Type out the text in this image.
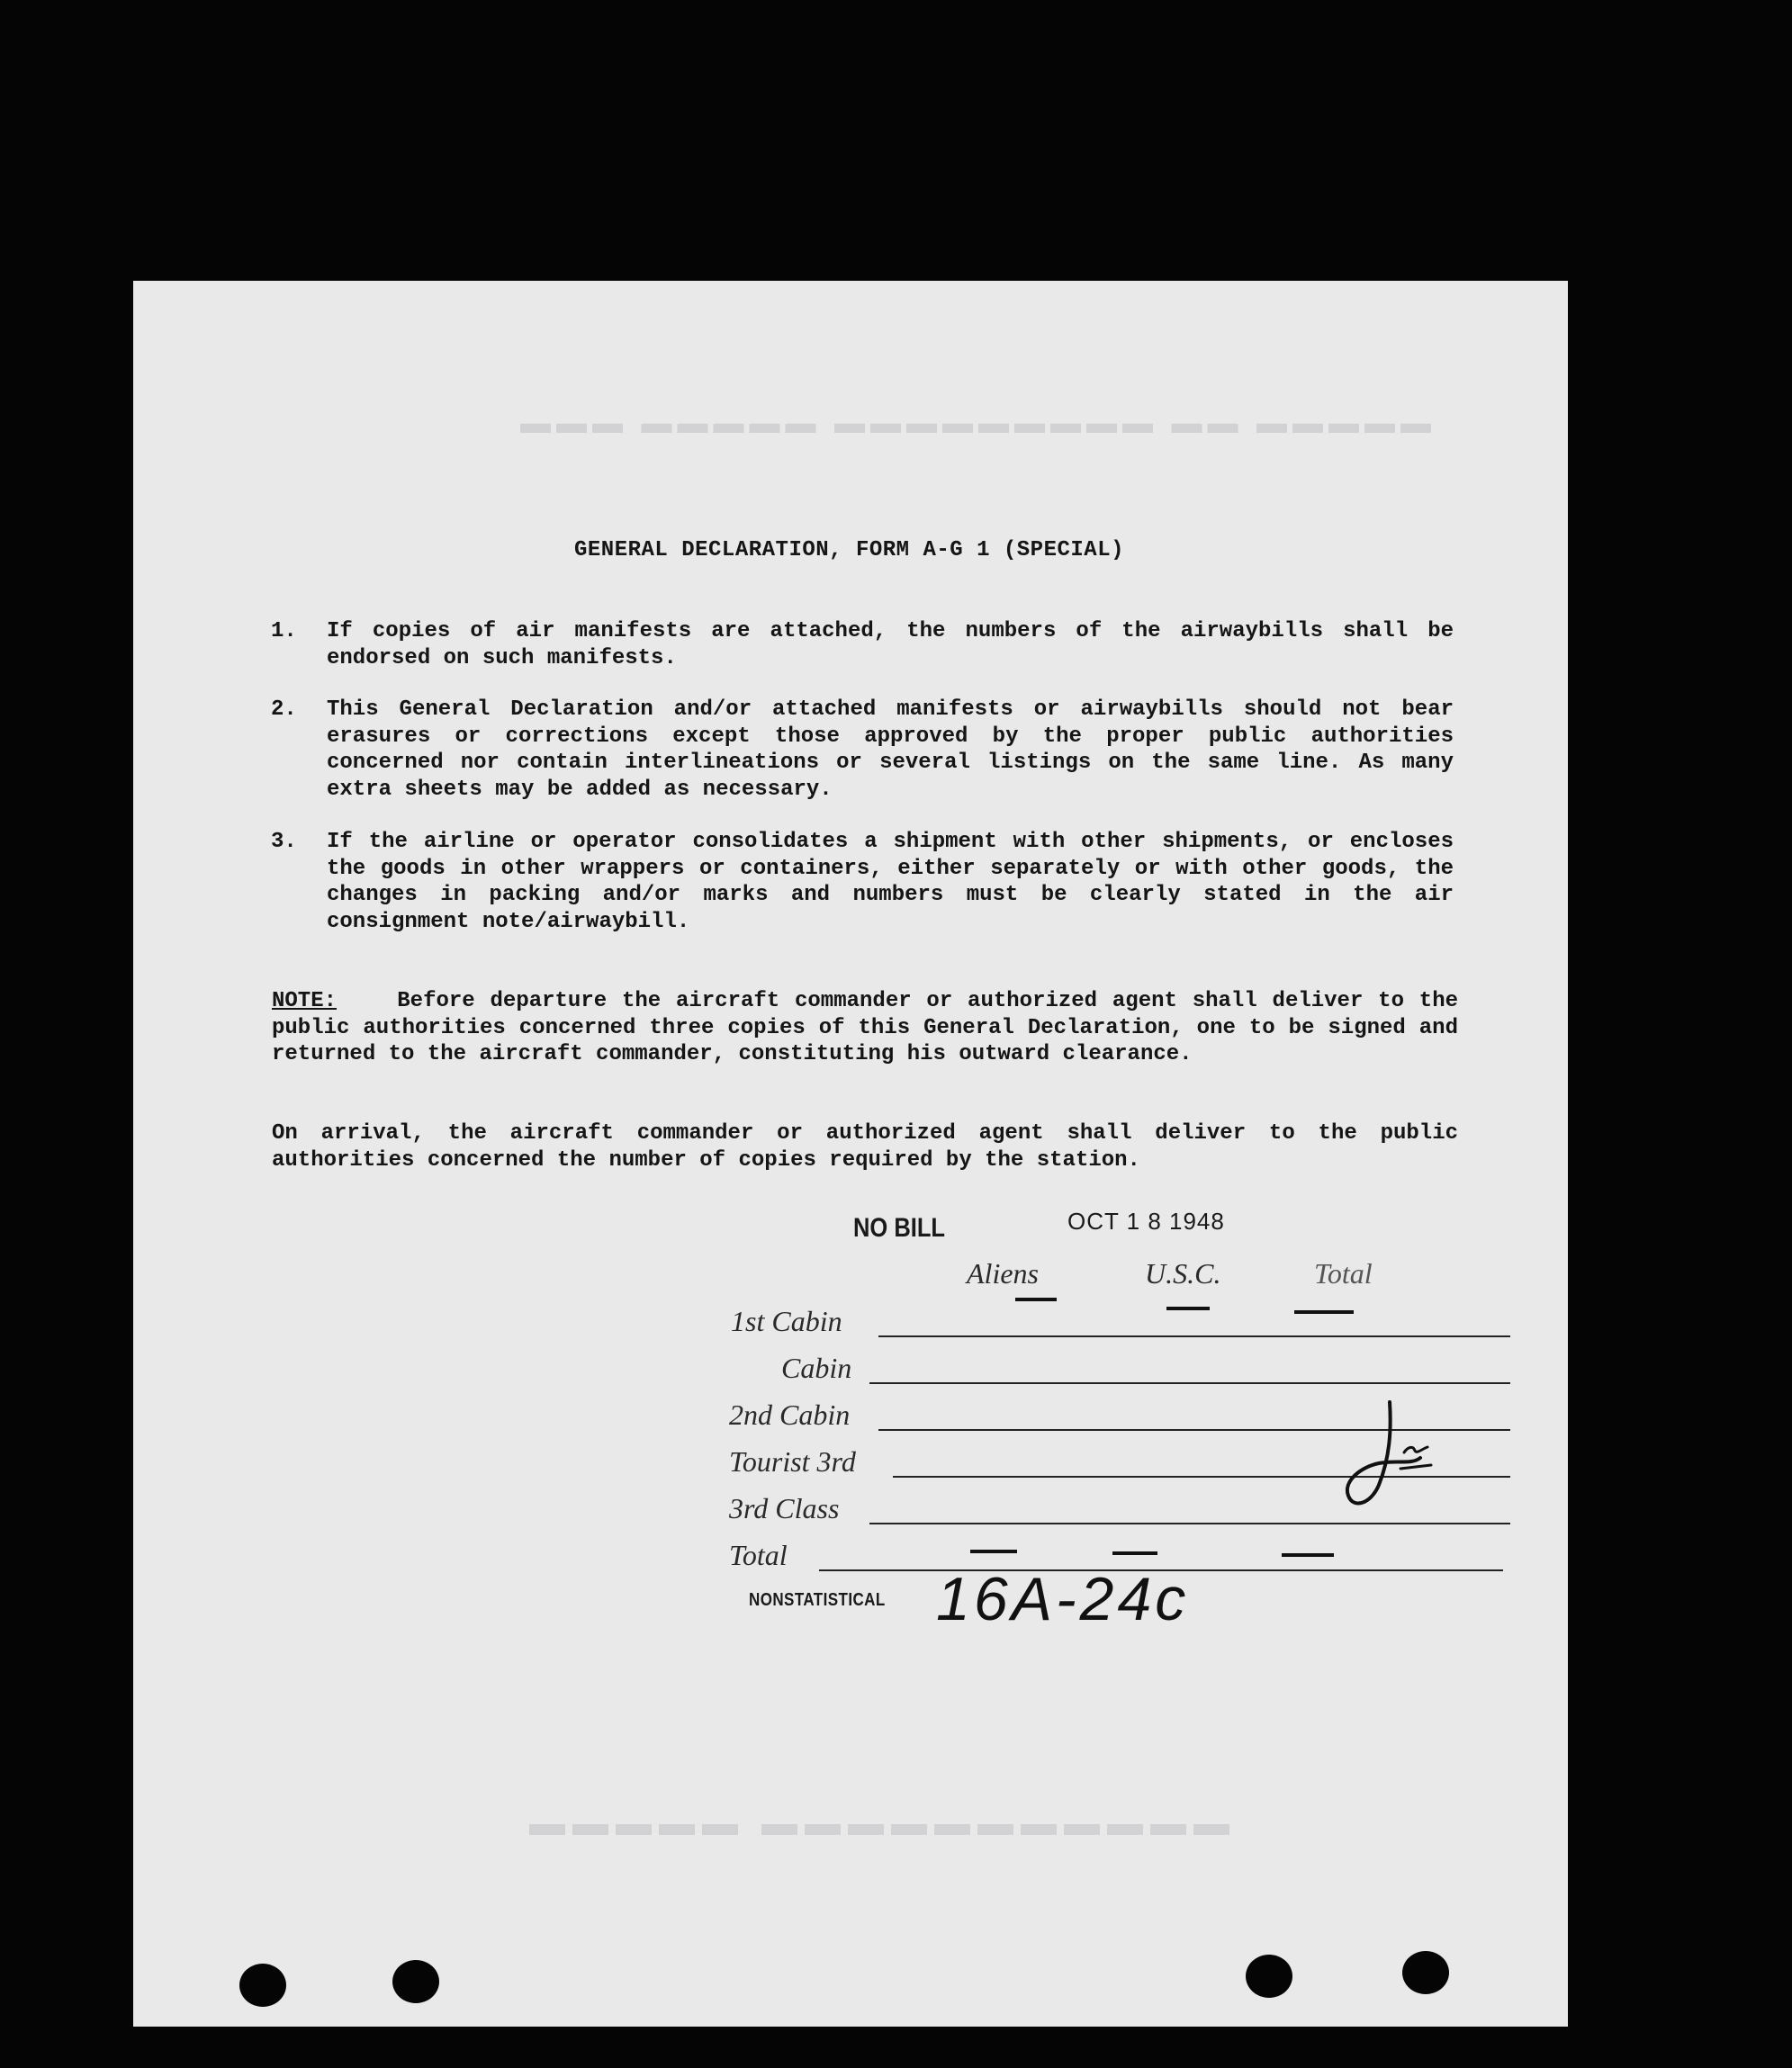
▬▬▬ ▬▬▬▬▬ ▬▬▬▬▬▬▬▬▬ ▬▬ ▬▬▬▬▬
▬▬▬▬▬ ▬▬▬▬▬▬▬▬▬▬▬
GENERAL DECLARATION, FORM A-G 1 (SPECIAL)
1. If copies of air manifests are attached, the numbers of the airwaybills shall be endorsed on such manifests.
2. This General Declaration and/or attached manifests or airwaybills should not bear erasures or corrections except those approved by the proper public authorities concerned nor contain interlineations or several listings on the same line. As many extra sheets may be added as necessary.
3. If the airline or operator consolidates a shipment with other shipments, or encloses the goods in other wrappers or containers, either separately or with other goods, the changes in packing and/or marks and numbers must be clearly stated in the air consignment note/airwaybill.
NOTE:	Before departure the aircraft commander or authorized agent shall deliver to the public authorities concerned three copies of this General Declaration, one to be signed and returned to the aircraft commander, constituting his outward clearance.
On arrival, the aircraft commander or authorized agent shall deliver to the public authorities concerned the number of copies required by the station.
NO BILL	OCT 1 8 1948
Aliens	U.S.C.	Total
1st Cabin
Cabin
2nd Cabin
Tourist 3rd
3rd Class
Total
NONSTATISTICAL 16A-24c
